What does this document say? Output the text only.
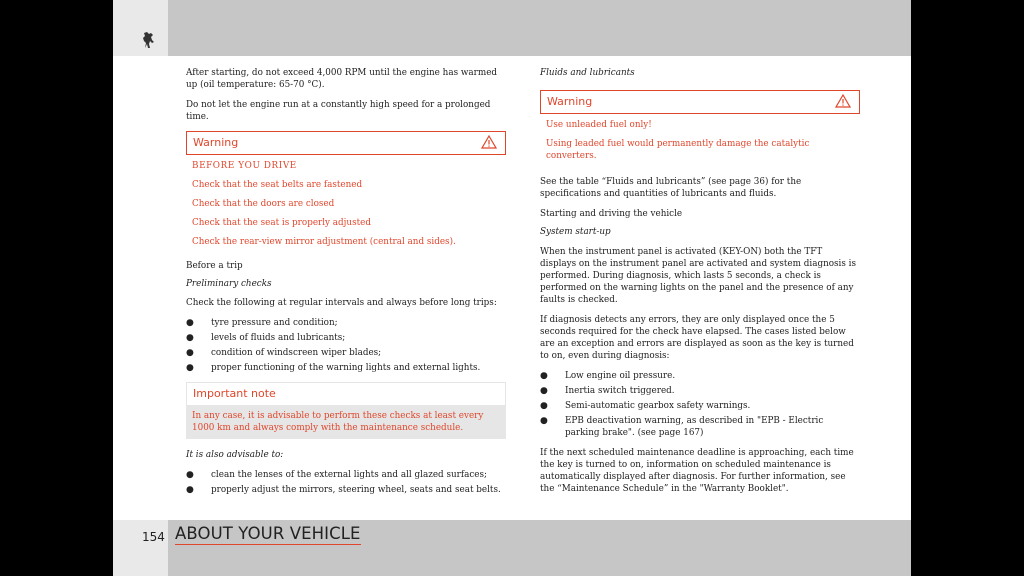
154 ABOUT YOUR VEHICLE

After starting, do not exceed 4,000 RPM until the engine has warmed up (oil temperature: 65-70 °C).

Do not let the engine run at a constantly high speed for a prolonged time.

Warning
BEFORE YOU DRIVE
Check that the seat belts are fastened
Check that the doors are closed
Check that the seat is properly adjusted
Check the rear-view mirror adjustment (central and sides).

Before a trip

Preliminary checks

Check the following at regular intervals and always before long trips:

● tyre pressure and condition;
● levels of fluids and lubricants;
● condition of windscreen wiper blades;
● proper functioning of the warning lights and external lights.
Important note
In any case, it is advisable to perform these checks at least every 1000 km and always comply with the maintenance schedule.

It is also advisable to:

● clean the lenses of the external lights and all glazed surfaces;
● properly adjust the mirrors, steering wheel, seats and seat belts.

Fluids and lubricants

Warning
Use unleaded fuel only!
Using leaded fuel would permanently damage the catalytic converters.

See the table “Fluids and lubricants” (see page 36) for the specifications and quantities of lubricants and fluids.

Starting and driving the vehicle

System start-up

When the instrument panel is activated (KEY-ON) both the TFT displays on the instrument panel are activated and system diagnosis is performed. During diagnosis, which lasts 5 seconds, a check is performed on the warning lights on the panel and the presence of any faults is checked.

If diagnosis detects any errors, they are only displayed once the 5 seconds required for the check have elapsed. The cases listed below are an exception and errors are displayed as soon as the key is turned to on, even during diagnosis:

● Low engine oil pressure.
● Inertia switch triggered.
● Semi-automatic gearbox safety warnings.
● EPB deactivation warning, as described in "EPB - Electric parking brake". (see page 167)

If the next scheduled maintenance deadline is approaching, each time the key is turned to on, information on scheduled maintenance is automatically displayed after diagnosis. For further information, see the “Maintenance Schedule” in the "Warranty Booklet".
